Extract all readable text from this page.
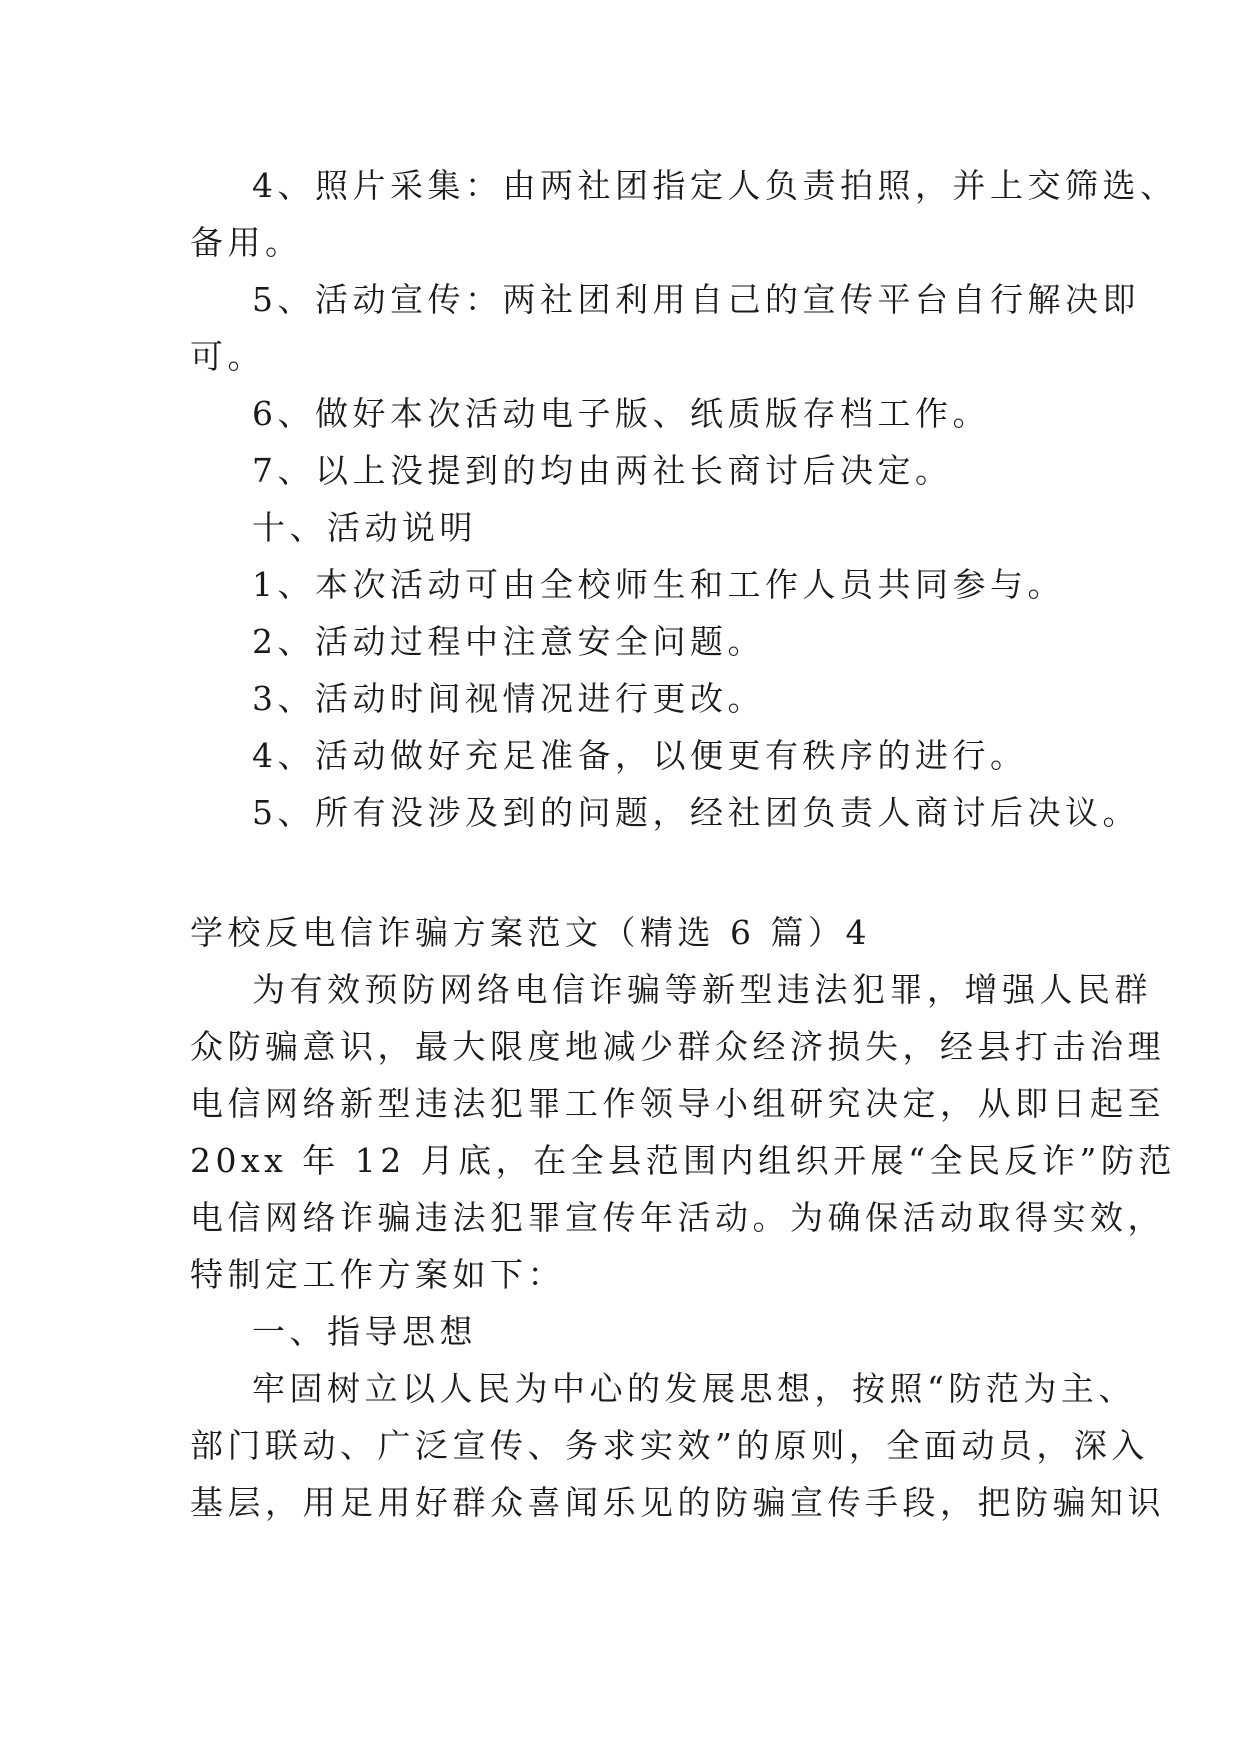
4、照片采集：由两社团指定人负责拍照，并上交筛选、
备用。
5、活动宣传：两社团利用自己的宣传平台自行解决即
可。
6、做好本次活动电子版、纸质版存档工作。
7、以上没提到的均由两社长商讨后决定。
十、活动说明
1、本次活动可由全校师生和工作人员共同参与。
2、活动过程中注意安全问题。
3、活动时间视情况进行更改。
4、活动做好充足准备，以便更有秩序的进行。
5、所有没涉及到的问题，经社团负责人商讨后决议。
学校反电信诈骗方案范文（精选 6 篇）4
为有效预防网络电信诈骗等新型违法犯罪，增强人民群
众防骗意识，最大限度地减少群众经济损失，经县打击治理
电信网络新型违法犯罪工作领导小组研究决定，从即日起至
20xx 年 12 月底，在全县范围内组织开展“全民反诈”防范
电信网络诈骗违法犯罪宣传年活动。为确保活动取得实效，
特制定工作方案如下：
一、指导思想
牢固树立以人民为中心的发展思想，按照“防范为主、
部门联动、广泛宣传、务求实效”的原则，全面动员，深入
基层，用足用好群众喜闻乐见的防骗宣传手段，把防骗知识
